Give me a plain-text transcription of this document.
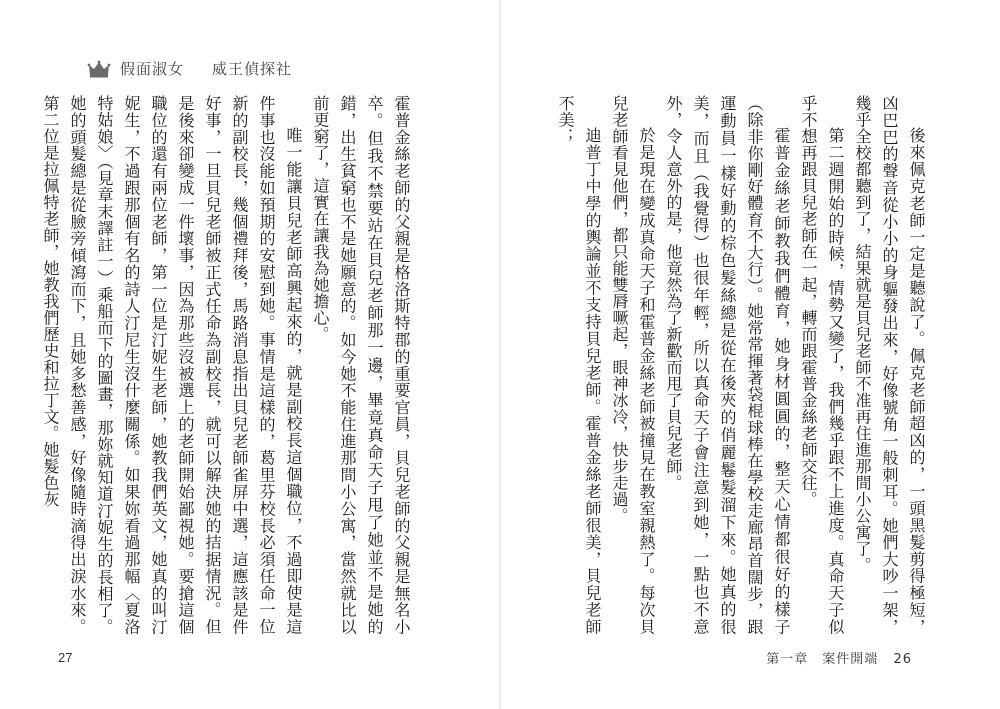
假面淑女 威王偵探社

霍普金絲老師的父親是格洛斯特郡的重要官員，貝兒老師的父親是無名小卒。但我不禁要站在貝兒老師那一邊，畢竟真命天子甩了她並不是她的錯，出生貧窮也不是她願意的。如今她不能住進那間小公寓，當然就比以前更窮了，這實在讓我為她擔心。

唯一能讓貝兒老師高興起來的，就是副校長這個職位，不過即使是這件事也沒能如預期的安慰到她。事情是這樣的，葛里芬校長必須任命一位新的副校長，幾個禮拜後，馬路消息指出貝兒老師雀屏中選，這應該是件好事，一旦貝兒老師被正式任命為副校長，就可以解決她的拮据情況。但是後來卻變成一件壞事，因為那些沒被選上的老師開始鄙視她。要搶這個職位的還有兩位老師，第一位是汀妮生老師，她教我們英文，她真的叫汀妮生，不過跟那個有名的詩人汀尼生沒什麼關係。如果妳看過那幅〈夏洛特姑娘〉（見章末譯註一）乘船而下的圖畫，那妳就知道汀妮生的長相了。她的頭髮總是從臉旁傾瀉而下，且她多愁善感，好像隨時滴得出淚水來。第二位是拉佩特老師，她教我們歷史和拉丁文。她髮色灰

27

後來佩克老師一定是聽說了。佩克老師超凶的，一頭黑髮剪得極短，凶巴巴的聲音從小小的身軀發出來，好像號角一般刺耳。她們大吵一架，幾乎全校都聽到了，結果就是貝兒老師不准再住進那間小公寓了。

第二週開始的時候，情勢又變了，我們幾乎跟不上進度。真命天子似乎不想再跟貝兒老師在一起，轉而跟霍普金絲老師交往。

霍普金絲老師教我們體育，她身材圓圓的，整天心情都很好的樣子（除非你剛好體育不大行）。她常常揮著袋棍球棒在學校走廊昂首闊步，跟運動員一樣好動的棕色髮絲總是從在後夾的俏麗鬈髮溜下來。她真的很美，而且（我覺得）也很年輕，所以真命天子會注意到她，一點也不意外，令人意外的是，他竟然為了新歡而甩了貝兒老師。

於是現在變成真命天子和霍普金絲老師被撞見在教室親熱了。每次貝兒老師看見他們，都只能雙脣噘起，眼神冰冷，快步走過。

迪普丁中學的輿論並不支持貝兒老師。霍普金絲老師很美，貝兒老師不美；

第一章　案件開端 26
